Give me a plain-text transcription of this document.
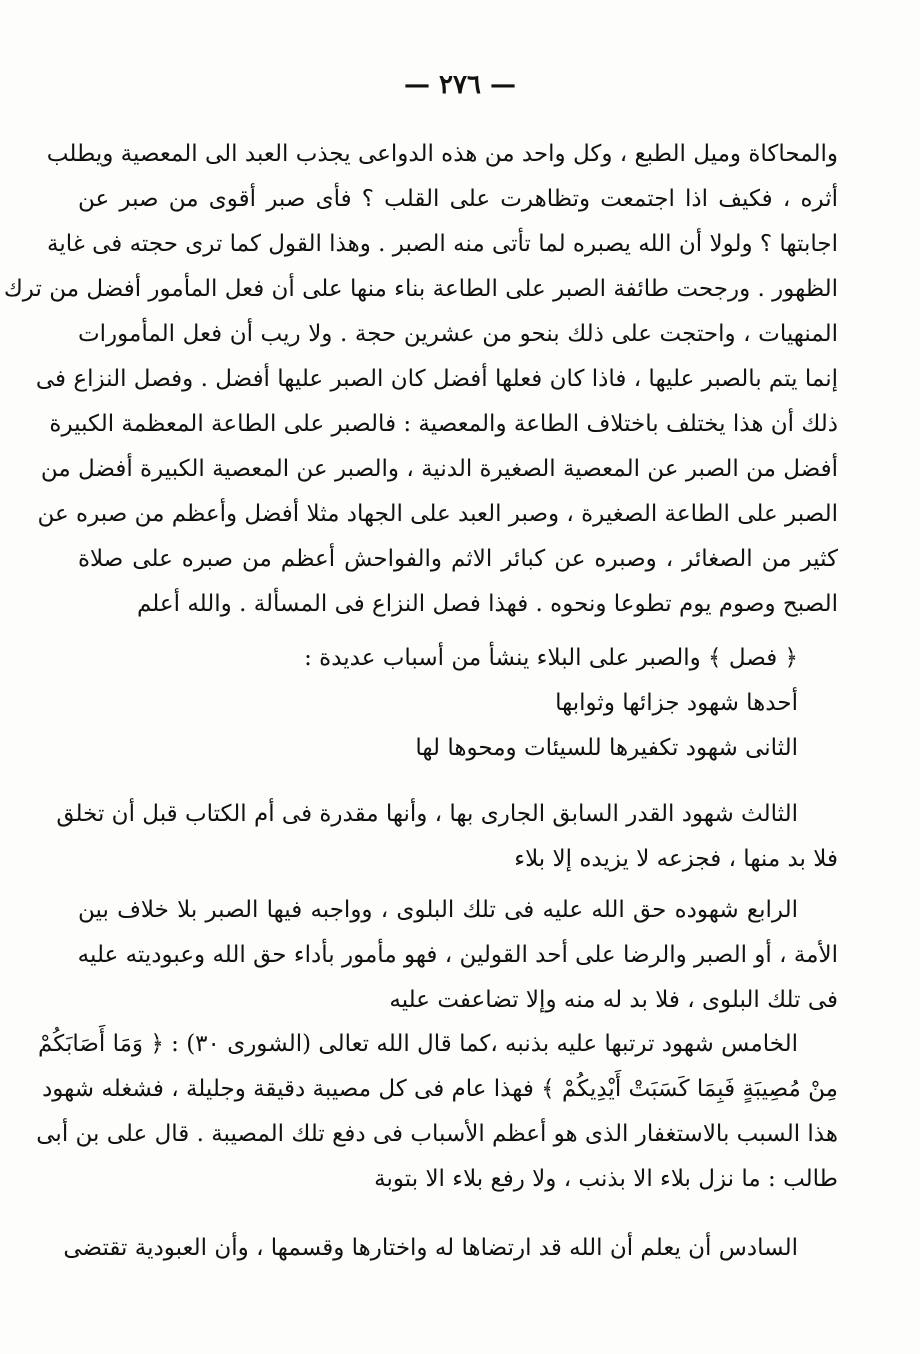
— ٢٧٦ —
والمحاكاة وميل الطبع ، وكل واحد من هذه الدواعى يجذب العبد الى المعصية ويطلب
أثره ، فكيف اذا اجتمعت وتظاهرت على القلب ؟ فأى صبر أقوى من صبر عن
اجابتها ؟ ولولا أن الله يصبره لما تأتى منه الصبر . وهذا القول كما ترى حجته فى غاية
الظهور . ورجحت طائفة الصبر على الطاعة بناء منها على أن فعل المأمور أفضل من ترك
المنهيات ، واحتجت على ذلك بنحو من عشرين حجة . ولا ريب أن فعل المأمورات
إنما يتم بالصبر عليها ، فاذا كان فعلها أفضل كان الصبر عليها أفضل . وفصل النزاع فى
ذلك أن هذا يختلف باختلاف الطاعة والمعصية : فالصبر على الطاعة المعظمة الكبيرة
أفضل من الصبر عن المعصية الصغيرة الدنية ، والصبر عن المعصية الكبيرة أفضل من
الصبر على الطاعة الصغيرة ، وصبر العبد على الجهاد مثلا أفضل وأعظم من صبره عن
كثير من الصغائر ، وصبره عن كبائر الاثم والفواحش أعظم من صبره على صلاة
الصبح وصوم يوم تطوعا ونحوه . فهذا فصل النزاع فى المسألة . والله أعلم
﴿ فصل ﴾ والصبر على البلاء ينشأ من أسباب عديدة :
أحدها شهود جزائها وثوابها
الثانى شهود تكفيرها للسيئات ومحوها لها
الثالث شهود القدر السابق الجارى بها ، وأنها مقدرة فى أم الكتاب قبل أن تخلق
فلا بد منها ، فجزعه لا يزيده إلا بلاء
الرابع شهوده حق الله عليه فى تلك البلوى ، وواجبه فيها الصبر بلا خلاف بين
الأمة ، أو الصبر والرضا على أحد القولين ، فهو مأمور بأداء حق الله وعبوديته عليه
فى تلك البلوى ، فلا بد له منه وإلا تضاعفت عليه
الخامس شهود ترتبها عليه بذنبه ،كما قال الله تعالى (الشورى ٣٠) : ﴿ وَمَا أَصَابَكُمْ
مِنْ مُصِيبَةٍ فَبِمَا كَسَبَتْ أَيْدِيكُمْ ﴾ فهذا عام فى كل مصيبة دقيقة وجليلة ، فشغله شهود
هذا السبب بالاستغفار الذى هو أعظم الأسباب فى دفع تلك المصيبة . قال على بن أبى
طالب : ما نزل بلاء الا بذنب ، ولا رفع بلاء الا بتوبة
السادس أن يعلم أن الله قد ارتضاها له واختارها وقسمها ، وأن العبودية تقتضى
